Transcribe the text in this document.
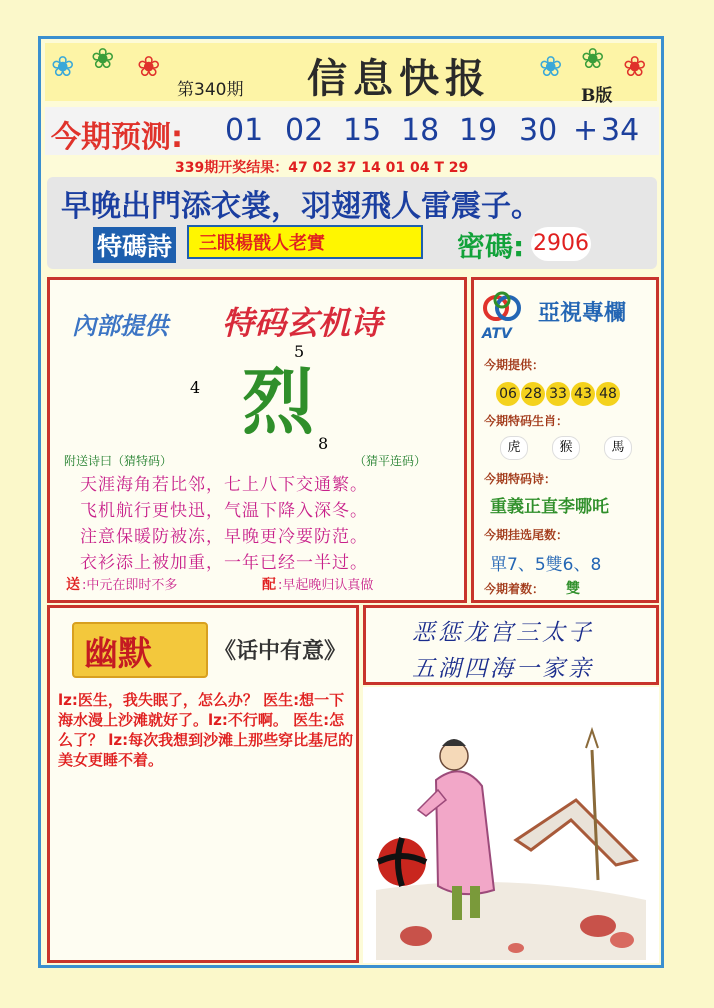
❀ ❀ ❀
第340期 信息快报 ❀ ❀ ❀
B版
今期预测: 01 02 15 18 19 30 + 34
339期开奖结果：47 02 37 14 01 04 T 29
早晚出門添衣裳，羽翅飛人雷震子。
特碼詩	三眼楊戩人老實	密碼: 2906
內部提供 特码玄机诗
5
4 烈 8
附送诗曰（猜特码）	（猜平连码）
天涯海角若比邻，七上八下交通繁。
飞机航行更快迅，气温下降入深冬。
注意保暖防被冻，早晚更冷要防范。
衣衫添上被加重，一年已经一半过。
送 :中元在即时不多	配 :早起晚归认真做
ATV
亞視專欄
今期提供：
06 28 33 43 48
今期特码生肖：
虎	猴	馬
今期特码诗：
重義正直李哪吒
今期挂选尾数：
單7、5雙6、8
今期着数： 雙
幽默	《话中有意》
lz:医生，我失眠了，怎么办？ 医生:想一下海水漫上沙滩就好了。lz:不行啊。 医生:怎么了？ lz:每次我想到沙滩上那些穿比基尼的美女更睡不着。
恶惩龙宫三太子
五湖四海一家亲
